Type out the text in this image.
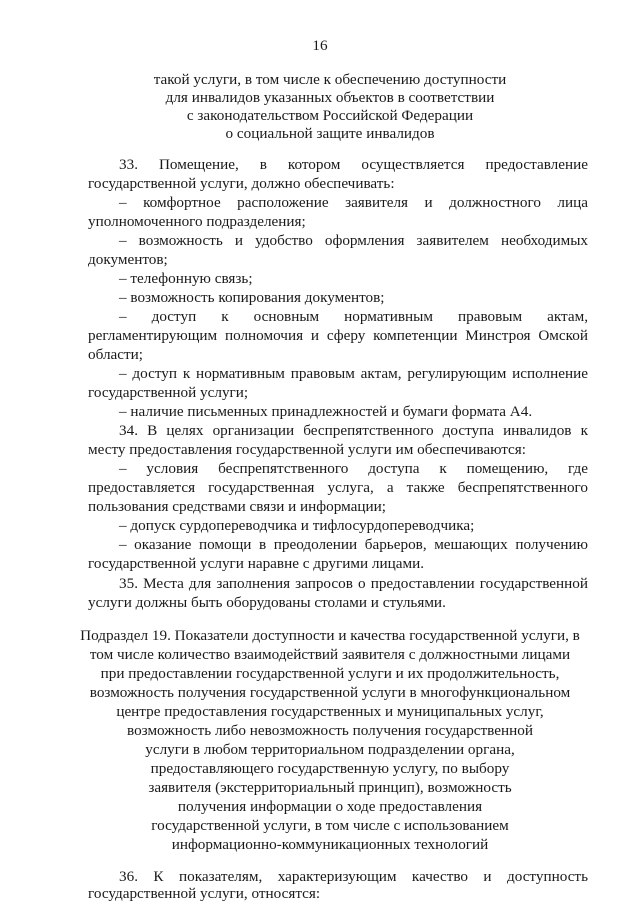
16
такой услуги, в том числе к обеспечению доступности
для инвалидов указанных объектов в соответствии
с законодательством Российской Федерации
о социальной защите инвалидов
33. Помещение, в котором осуществляется предоставление
государственной услуги, должно обеспечивать:
– комфортное расположение заявителя и должностного лица
уполномоченного подразделения;
– возможность и удобство оформления заявителем необходимых
документов;
– телефонную связь;
– возможность копирования документов;
– доступ к основным нормативным правовым актам,
регламентирующим полномочия и сферу компетенции Минстроя Омской
области;
– доступ к нормативным правовым актам, регулирующим исполнение
государственной услуги;
– наличие письменных принадлежностей и бумаги формата А4.
34. В целях организации беспрепятственного доступа инвалидов к
месту предоставления государственной услуги им обеспечиваются:
– условия беспрепятственного доступа к помещению, где
предоставляется государственная услуга, а также беспрепятственного
пользования средствами связи и информации;
– допуск сурдопереводчика и тифлосурдопереводчика;
– оказание помощи в преодолении барьеров, мешающих получению
государственной услуги наравне с другими лицами.
35. Места для заполнения запросов о предоставлении государственной
услуги должны быть оборудованы столами и стульями.
Подраздел 19. Показатели доступности и качества государственной услуги, в
том числе количество взаимодействий заявителя с должностными лицами
при предоставлении государственной услуги и их продолжительность,
возможность получения государственной услуги в многофункциональном
центре предоставления государственных и муниципальных услуг,
возможность либо невозможность получения государственной
услуги в любом территориальном подразделении органа,
предоставляющего государственную услугу, по выбору
заявителя (экстерриториальный принцип), возможность
получения информации о ходе предоставления
государственной услуги, в том числе с использованием
информационно-коммуникационных технологий
36. К показателям, характеризующим качество и доступность
государственной услуги, относятся:
